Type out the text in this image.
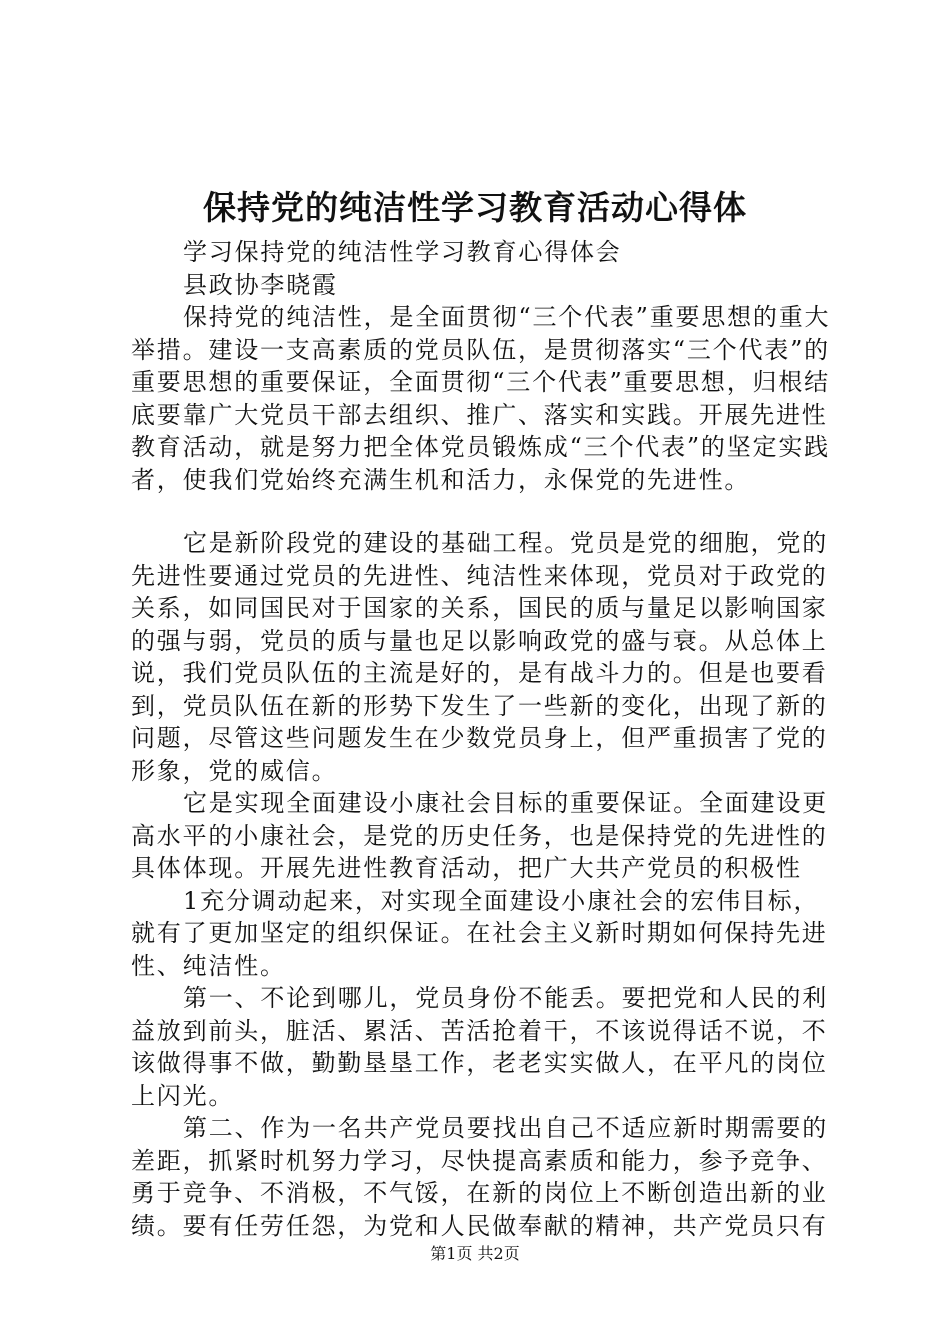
保持党的纯洁性学习教育活动心得体

学习保持党的纯洁性学习教育心得体会

县政协李晓霞

保持党的纯洁性，是全面贯彻“三个代表”重要思想的重大举措。建设一支高素质的党员队伍，是贯彻落实“三个代表”的重要思想的重要保证，全面贯彻“三个代表”重要思想，归根结底要靠广大党员干部去组织、推广、落实和实践。开展先进性教育活动，就是努力把全体党员锻炼成“三个代表”的坚定实践者，使我们党始终充满生机和活力，永保党的先进性。

它是新阶段党的建设的基础工程。党员是党的细胞，党的先进性要通过党员的先进性、纯洁性来体现，党员对于政党的关系，如同国民对于国家的关系，国民的质与量足以影响国家的强与弱，党员的质与量也足以影响政党的盛与衰。从总体上说，我们党员队伍的主流是好的，是有战斗力的。但是也要看到，党员队伍在新的形势下发生了一些新的变化，出现了新的问题，尽管这些问题发生在少数党员身上，但严重损害了党的形象，党的威信。

它是实现全面建设小康社会目标的重要保证。全面建设更高水平的小康社会，是党的历史任务，也是保持党的先进性的具体体现。开展先进性教育活动，把广大共产党员的积极性

1充分调动起来，对实现全面建设小康社会的宏伟目标，就有了更加坚定的组织保证。在社会主义新时期如何保持先进性、纯洁性。

第一、不论到哪儿，党员身份不能丢。要把党和人民的利益放到前头，脏活、累活、苦活抢着干，不该说得话不说，不该做得事不做，勤勤垦垦工作，老老实实做人，在平凡的岗位上闪光。

第二、作为一名共产党员要找出自己不适应新时期需要的差距，抓紧时机努力学习，尽快提高素质和能力，参予竞争、勇于竞争、不消极，不气馁，在新的岗位上不断创造出新的业绩。要有任劳任怨，为党和人民做奉献的精神，共产党员只有

第1页 共2页
